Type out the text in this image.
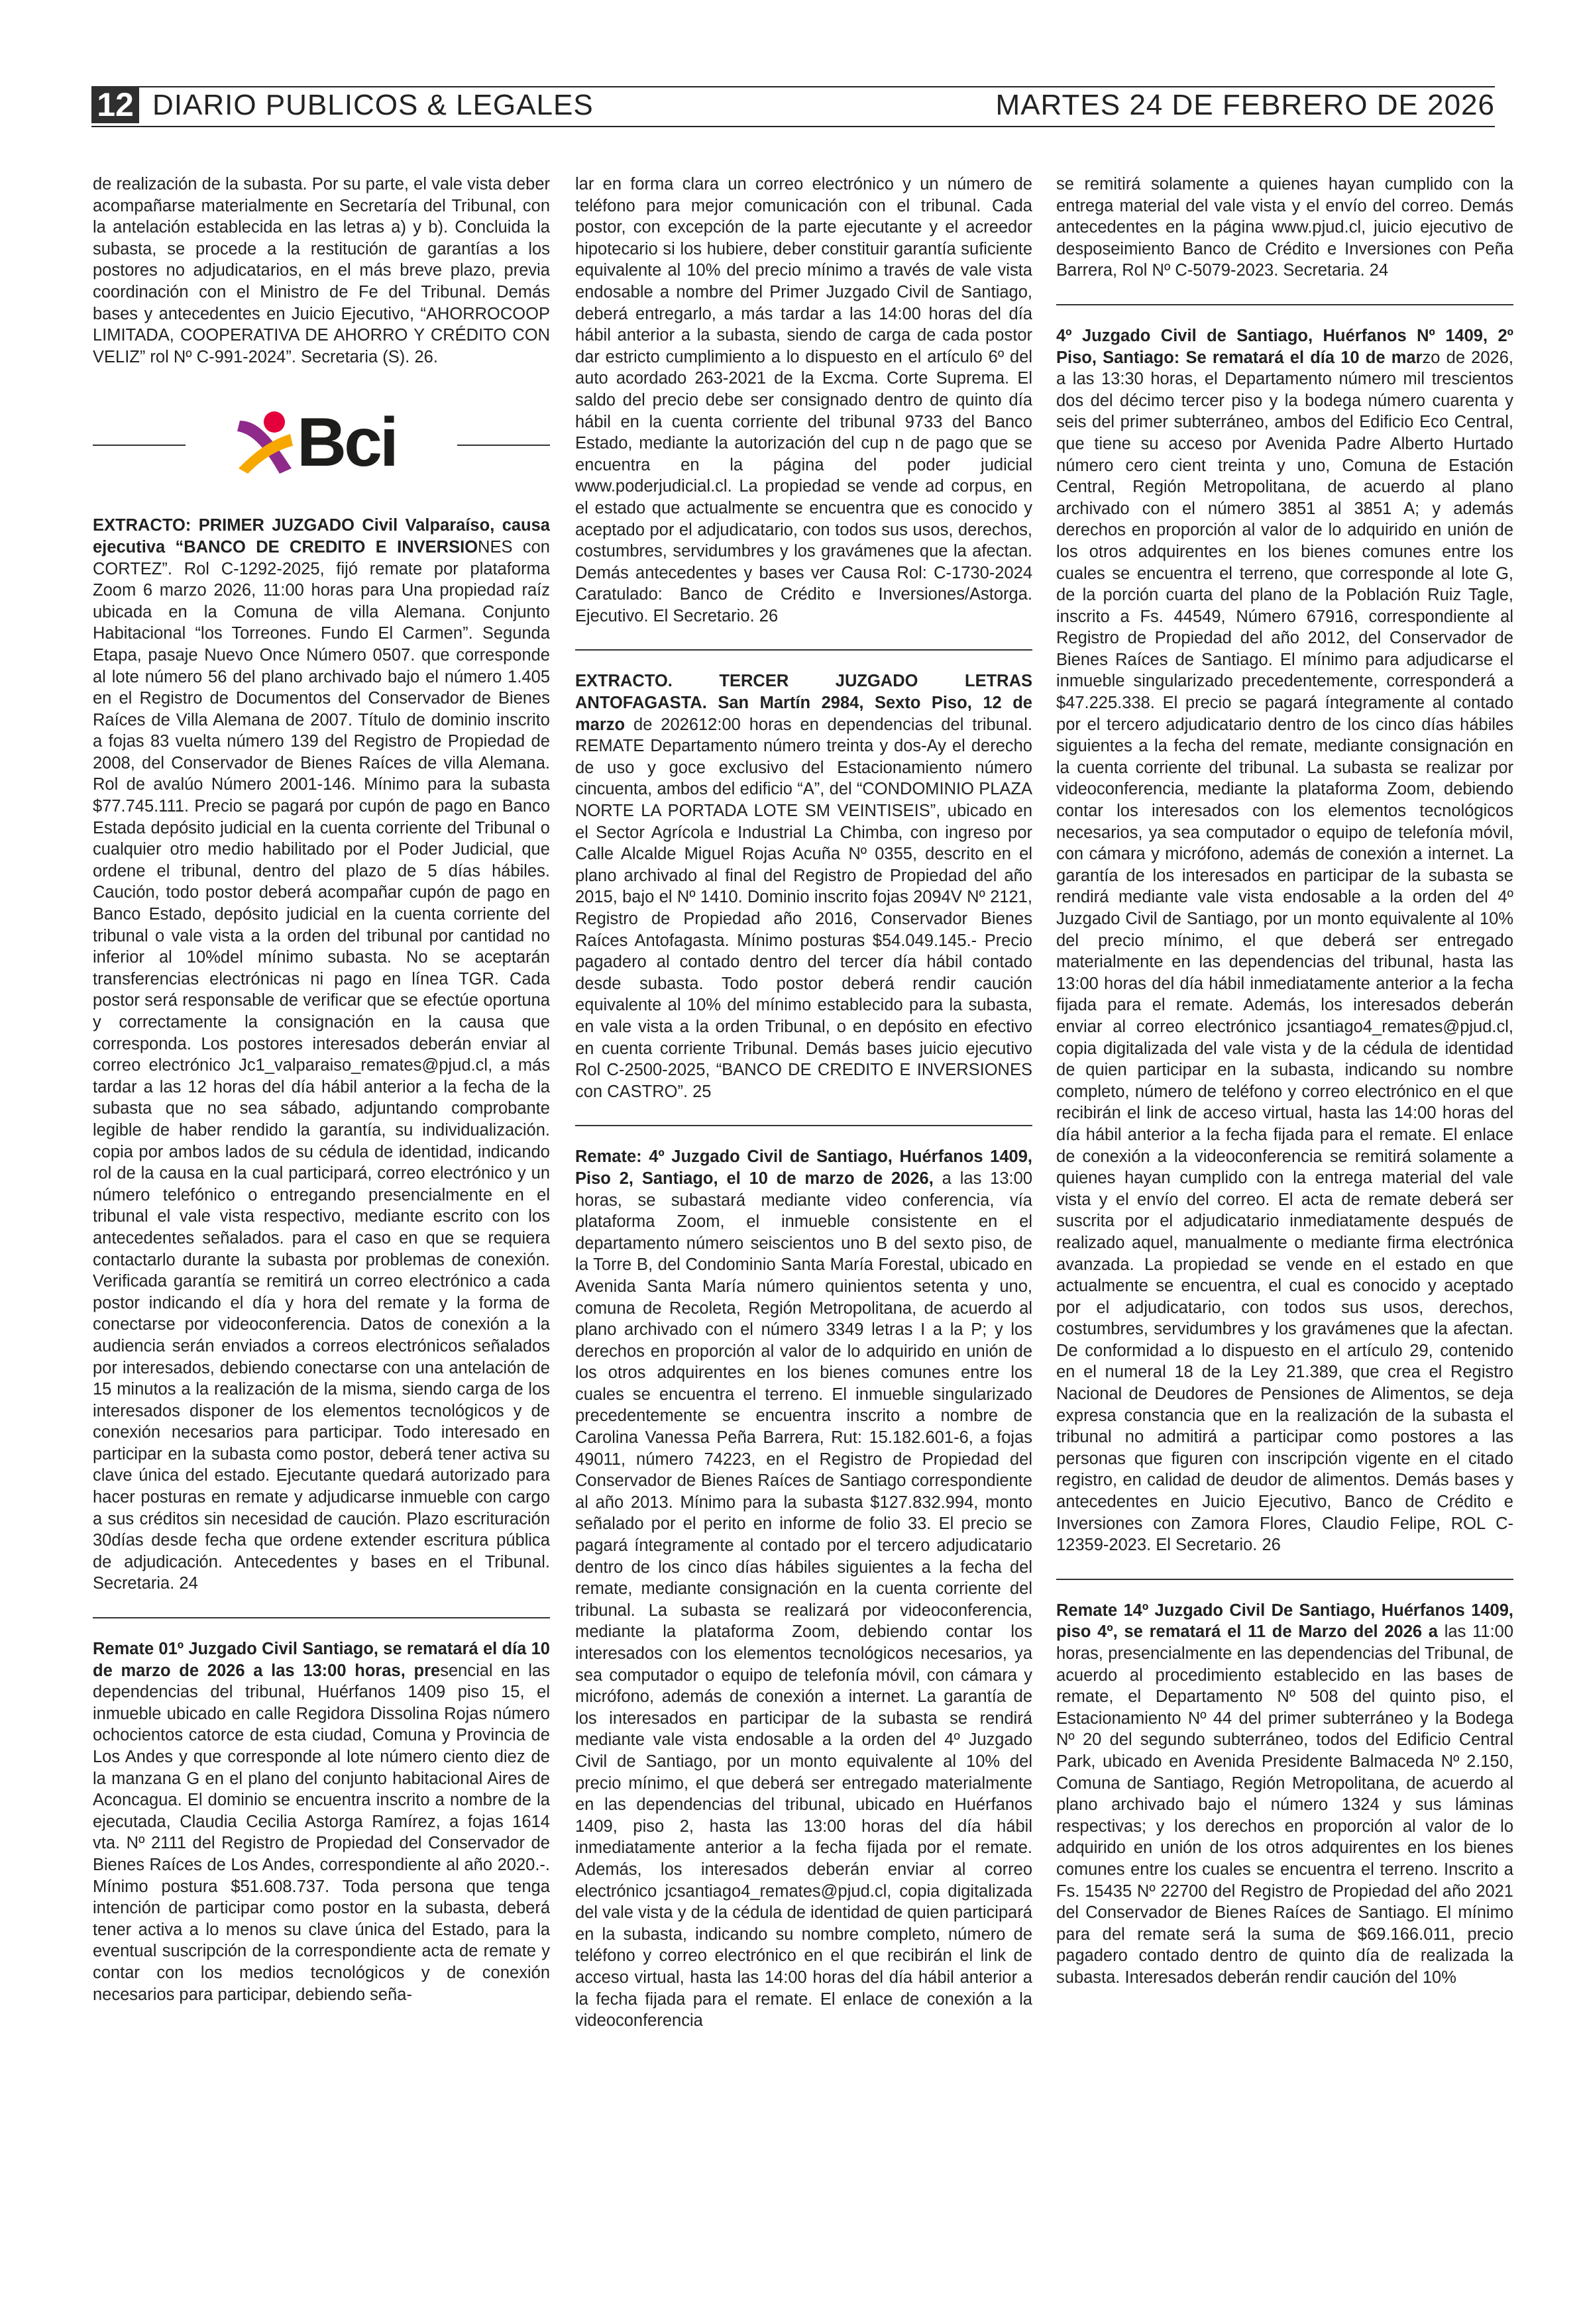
12 DIARIO PUBLICOS & LEGALES	MARTES 24 DE FEBRERO DE 2026

de realización de la subasta. Por su parte, el vale vista deber acompañarse materialmente en Secretaría del Tribunal, con la antelación establecida en las letras a) y b). Concluida la subasta, se procede a la restitución de garantías a los postores no adjudicatarios, en el más breve plazo, previa coordinación con el Ministro de Fe del Tribunal. Demás bases y antecedentes en Juicio Ejecutivo, “AHORROCOOP LIMITADA, COOPERATIVA DE AHORRO Y CRÉDITO CON VELIZ” rol Nº C-991-2024”. Secretaria (S). 26.

Bci

EXTRACTO: PRIMER JUZGADO Civil Valparaíso, causa ejecutiva “BANCO DE CREDITO E INVERSIONES con CORTEZ”. Rol C-1292-2025, fijó remate por plataforma Zoom 6 marzo 2026, 11:00 horas para Una propiedad raíz ubicada en la Comuna de villa Alemana. Conjunto Habitacional “los Torreones. Fundo El Carmen”. Segunda Etapa, pasaje Nuevo Once Número 0507. que corresponde al lote número 56 del plano archivado bajo el número 1.405 en el Registro de Documentos del Conservador de Bienes Raíces de Villa Alemana de 2007. Título de dominio inscrito a fojas 83 vuelta número 139 del Registro de Propiedad de 2008, del Conservador de Bienes Raíces de villa Alemana. Rol de avalúo Número 2001-146. Mínimo para la subasta $77.745.111. Precio se pagará por cupón de pago en Banco Estada depósito judicial en la cuenta corriente del Tribunal o cualquier otro medio habilitado por el Poder Judicial, que ordene el tribunal, dentro del plazo de 5 días hábiles. Caución, todo postor deberá acompañar cupón de pago en Banco Estado, depósito judicial en la cuenta corriente del tribunal o vale vista a la orden del tribunal por cantidad no inferior al 10%del mínimo subasta. No se aceptarán transferencias electrónicas ni pago en línea TGR. Cada postor será responsable de verificar que se efectúe oportuna y correctamente la consignación en la causa que corresponda. Los postores interesados deberán enviar al correo electrónico Jc1_valparaiso_remates@pjud.cl, a más tardar a las 12 horas del día hábil anterior a la fecha de la subasta que no sea sábado, adjuntando comprobante legible de haber rendido la garantía, su individualización. copia por ambos lados de su cédula de identidad, indicando rol de la causa en la cual participará, correo electrónico y un número telefónico o entregando presencialmente en el tribunal el vale vista respectivo, mediante escrito con los antecedentes señalados. para el caso en que se requiera contactarlo durante la subasta por problemas de conexión. Verificada garantía se remitirá un correo electrónico a cada postor indicando el día y hora del remate y la forma de conectarse por videoconferencia. Datos de conexión a la audiencia serán enviados a correos electrónicos señalados por interesados, debiendo conectarse con una antelación de 15 minutos a la realización de la misma, siendo carga de los interesados disponer de los elementos tecnológicos y de conexión necesarios para participar. Todo interesado en participar en la subasta como postor, deberá tener activa su clave única del estado. Ejecutante quedará autorizado para hacer posturas en remate y adjudicarse inmueble con cargo a sus créditos sin necesidad de caución. Plazo escrituración 30días desde fecha que ordene extender escritura pública de adjudicación. Antecedentes y bases en el Tribunal. Secretaria. 24

Remate 01º Juzgado Civil Santiago, se rematará el día 10 de marzo de 2026 a las 13:00 horas, presencial en las dependencias del tribunal, Huérfanos 1409 piso 15, el inmueble ubicado en calle Regidora Dissolina Rojas número ochocientos catorce de esta ciudad, Comuna y Provincia de Los Andes y que corresponde al lote número ciento diez de la manzana G en el plano del conjunto habitacional Aires de Aconcagua. El dominio se encuentra inscrito a nombre de la ejecutada, Claudia Cecilia Astorga Ramírez, a fojas 1614 vta. Nº 2111 del Registro de Propiedad del Conservador de Bienes Raíces de Los Andes, correspondiente al año 2020.-. Mínimo postura $51.608.737. Toda persona que tenga intención de participar como postor en la subasta, deberá tener activa a lo menos su clave única del Estado, para la eventual suscripción de la correspondiente acta de remate y contar con los medios tecnológicos y de conexión necesarios para participar, debiendo seña-

lar en forma clara un correo electrónico y un número de teléfono para mejor comunicación con el tribunal. Cada postor, con excepción de la parte ejecutante y el acreedor hipotecario si los hubiere, deber constituir garantía suficiente equivalente al 10% del precio mínimo a través de vale vista endosable a nombre del Primer Juzgado Civil de Santiago, deberá entregarlo, a más tardar a las 14:00 horas del día hábil anterior a la subasta, siendo de carga de cada postor dar estricto cumplimiento a lo dispuesto en el artículo 6º del auto acordado 263-2021 de la Excma. Corte Suprema. El saldo del precio debe ser consignado dentro de quinto día hábil en la cuenta corriente del tribunal 9733 del Banco Estado, mediante la autorización del cup n de pago que se encuentra en la página del poder judicial www.poderjudicial.cl. La propiedad se vende ad corpus, en el estado que actualmente se encuentra que es conocido y aceptado por el adjudicatario, con todos sus usos, derechos, costumbres, servidumbres y los gravámenes que la afectan. Demás antecedentes y bases ver Causa Rol: C-1730-2024 Caratulado: Banco de Crédito e Inversiones/Astorga. Ejecutivo. El Secretario. 26

EXTRACTO. TERCER JUZGADO LETRAS ANTOFAGASTA. San Martín 2984, Sexto Piso, 12 de marzo de 202612:00 horas en dependencias del tribunal. REMATE Departamento número treinta y dos-Ay el derecho de uso y goce exclusivo del Estacionamiento número cincuenta, ambos del edificio “A”, del “CONDOMINIO PLAZA NORTE LA PORTADA LOTE SM VEINTISEIS”, ubicado en el Sector Agrícola e Industrial La Chimba, con ingreso por Calle Alcalde Miguel Rojas Acuña Nº 0355, descrito en el plano archivado al final del Registro de Propiedad del año 2015, bajo el Nº 1410. Dominio inscrito fojas 2094V Nº 2121, Registro de Propiedad año 2016, Conservador Bienes Raíces Antofagasta. Mínimo posturas $54.049.145.- Precio pagadero al contado dentro del tercer día hábil contado desde subasta. Todo postor deberá rendir caución equivalente al 10% del mínimo establecido para la subasta, en vale vista a la orden Tribunal, o en depósito en efectivo en cuenta corriente Tribunal. Demás bases juicio ejecutivo Rol C-2500-2025, “BANCO DE CREDITO E INVERSIONES con CASTRO”. 25

Remate: 4º Juzgado Civil de Santiago, Huérfanos 1409, Piso 2, Santiago, el 10 de marzo de 2026, a las 13:00 horas, se subastará mediante video conferencia, vía plataforma Zoom, el inmueble consistente en el departamento número seiscientos uno B del sexto piso, de la Torre B, del Condominio Santa María Forestal, ubicado en Avenida Santa María número quinientos setenta y uno, comuna de Recoleta, Región Metropolitana, de acuerdo al plano archivado con el número 3349 letras I a la P; y los derechos en proporción al valor de lo adquirido en unión de los otros adquirentes en los bienes comunes entre los cuales se encuentra el terreno. El inmueble singularizado precedentemente se encuentra inscrito a nombre de Carolina Vanessa Peña Barrera, Rut: 15.182.601-6, a fojas 49011, número 74223, en el Registro de Propiedad del Conservador de Bienes Raíces de Santiago correspondiente al año 2013. Mínimo para la subasta $127.832.994, monto señalado por el perito en informe de folio 33. El precio se pagará íntegramente al contado por el tercero adjudicatario dentro de los cinco días hábiles siguientes a la fecha del remate, mediante consignación en la cuenta corriente del tribunal. La subasta se realizará por videoconferencia, mediante la plataforma Zoom, debiendo contar los interesados con los elementos tecnológicos necesarios, ya sea computador o equipo de telefonía móvil, con cámara y micrófono, además de conexión a internet. La garantía de los interesados en participar de la subasta se rendirá mediante vale vista endosable a la orden del 4º Juzgado Civil de Santiago, por un monto equivalente al 10% del precio mínimo, el que deberá ser entregado materialmente en las dependencias del tribunal, ubicado en Huérfanos 1409, piso 2, hasta las 13:00 horas del día hábil inmediatamente anterior a la fecha fijada por el remate. Además, los interesados deberán enviar al correo electrónico jcsantiago4_remates@pjud.cl, copia digitalizada del vale vista y de la cédula de identidad de quien participará en la subasta, indicando su nombre completo, número de teléfono y correo electrónico en el que recibirán el link de acceso virtual, hasta las 14:00 horas del día hábil anterior a la fecha fijada para el remate. El enlace de conexión a la videoconferencia

se remitirá solamente a quienes hayan cumplido con la entrega material del vale vista y el envío del correo. Demás antecedentes en la página www.pjud.cl, juicio ejecutivo de desposeimiento Banco de Crédito e Inversiones con Peña Barrera, Rol Nº C-5079-2023. Secretaria. 24

4º Juzgado Civil de Santiago, Huérfanos Nº 1409, 2º Piso, Santiago: Se rematará el día 10 de marzo de 2026, a las 13:30 horas, el Departamento número mil trescientos dos del décimo tercer piso y la bodega número cuarenta y seis del primer subterráneo, ambos del Edificio Eco Central, que tiene su acceso por Avenida Padre Alberto Hurtado número cero cient treinta y uno, Comuna de Estación Central, Región Metropolitana, de acuerdo al plano archivado con el número 3851 al 3851 A; y además derechos en proporción al valor de lo adquirido en unión de los otros adquirentes en los bienes comunes entre los cuales se encuentra el terreno, que corresponde al lote G, de la porción cuarta del plano de la Población Ruiz Tagle, inscrito a Fs. 44549, Número 67916, correspondiente al Registro de Propiedad del año 2012, del Conservador de Bienes Raíces de Santiago. El mínimo para adjudicarse el inmueble singularizado precedentemente, corresponderá a $47.225.338. El precio se pagará íntegramente al contado por el tercero adjudicatario dentro de los cinco días hábiles siguientes a la fecha del remate, mediante consignación en la cuenta corriente del tribunal. La subasta se realizar por videoconferencia, mediante la plataforma Zoom, debiendo contar los interesados con los elementos tecnológicos necesarios, ya sea computador o equipo de telefonía móvil, con cámara y micrófono, además de conexión a internet. La garantía de los interesados en participar de la subasta se rendirá mediante vale vista endosable a la orden del 4º Juzgado Civil de Santiago, por un monto equivalente al 10% del precio mínimo, el que deberá ser entregado materialmente en las dependencias del tribunal, hasta las 13:00 horas del día hábil inmediatamente anterior a la fecha fijada para el remate. Además, los interesados deberán enviar al correo electrónico jcsantiago4_remates@pjud.cl, copia digitalizada del vale vista y de la cédula de identidad de quien participar en la subasta, indicando su nombre completo, número de teléfono y correo electrónico en el que recibirán el link de acceso virtual, hasta las 14:00 horas del día hábil anterior a la fecha fijada para el remate. El enlace de conexión a la videoconferencia se remitirá solamente a quienes hayan cumplido con la entrega material del vale vista y el envío del correo. El acta de remate deberá ser suscrita por el adjudicatario inmediatamente después de realizado aquel, manualmente o mediante firma electrónica avanzada. La propiedad se vende en el estado en que actualmente se encuentra, el cual es conocido y aceptado por el adjudicatario, con todos sus usos, derechos, costumbres, servidumbres y los gravámenes que la afectan. De conformidad a lo dispuesto en el artículo 29, contenido en el numeral 18 de la Ley 21.389, que crea el Registro Nacional de Deudores de Pensiones de Alimentos, se deja expresa constancia que en la realización de la subasta el tribunal no admitirá a participar como postores a las personas que figuren con inscripción vigente en el citado registro, en calidad de deudor de alimentos. Demás bases y antecedentes en Juicio Ejecutivo, Banco de Crédito e Inversiones con Zamora Flores, Claudio Felipe, ROL C-12359-2023. El Secretario. 26

Remate 14º Juzgado Civil De Santiago, Huérfanos 1409, piso 4º, se rematará el 11 de Marzo del 2026 a las 11:00 horas, presencialmente en las dependencias del Tribunal, de acuerdo al procedimiento establecido en las bases de remate, el Departamento Nº 508 del quinto piso, el Estacionamiento Nº 44 del primer subterráneo y la Bodega Nº 20 del segundo subterráneo, todos del Edificio Central Park, ubicado en Avenida Presidente Balmaceda Nº 2.150, Comuna de Santiago, Región Metropolitana, de acuerdo al plano archivado bajo el número 1324 y sus láminas respectivas; y los derechos en proporción al valor de lo adquirido en unión de los otros adquirentes en los bienes comunes entre los cuales se encuentra el terreno. Inscrito a Fs. 15435 Nº 22700 del Registro de Propiedad del año 2021 del Conservador de Bienes Raíces de Santiago. El mínimo para del remate será la suma de $69.166.011, precio pagadero contado dentro de quinto día de realizada la subasta. Interesados deberán rendir caución del 10%
